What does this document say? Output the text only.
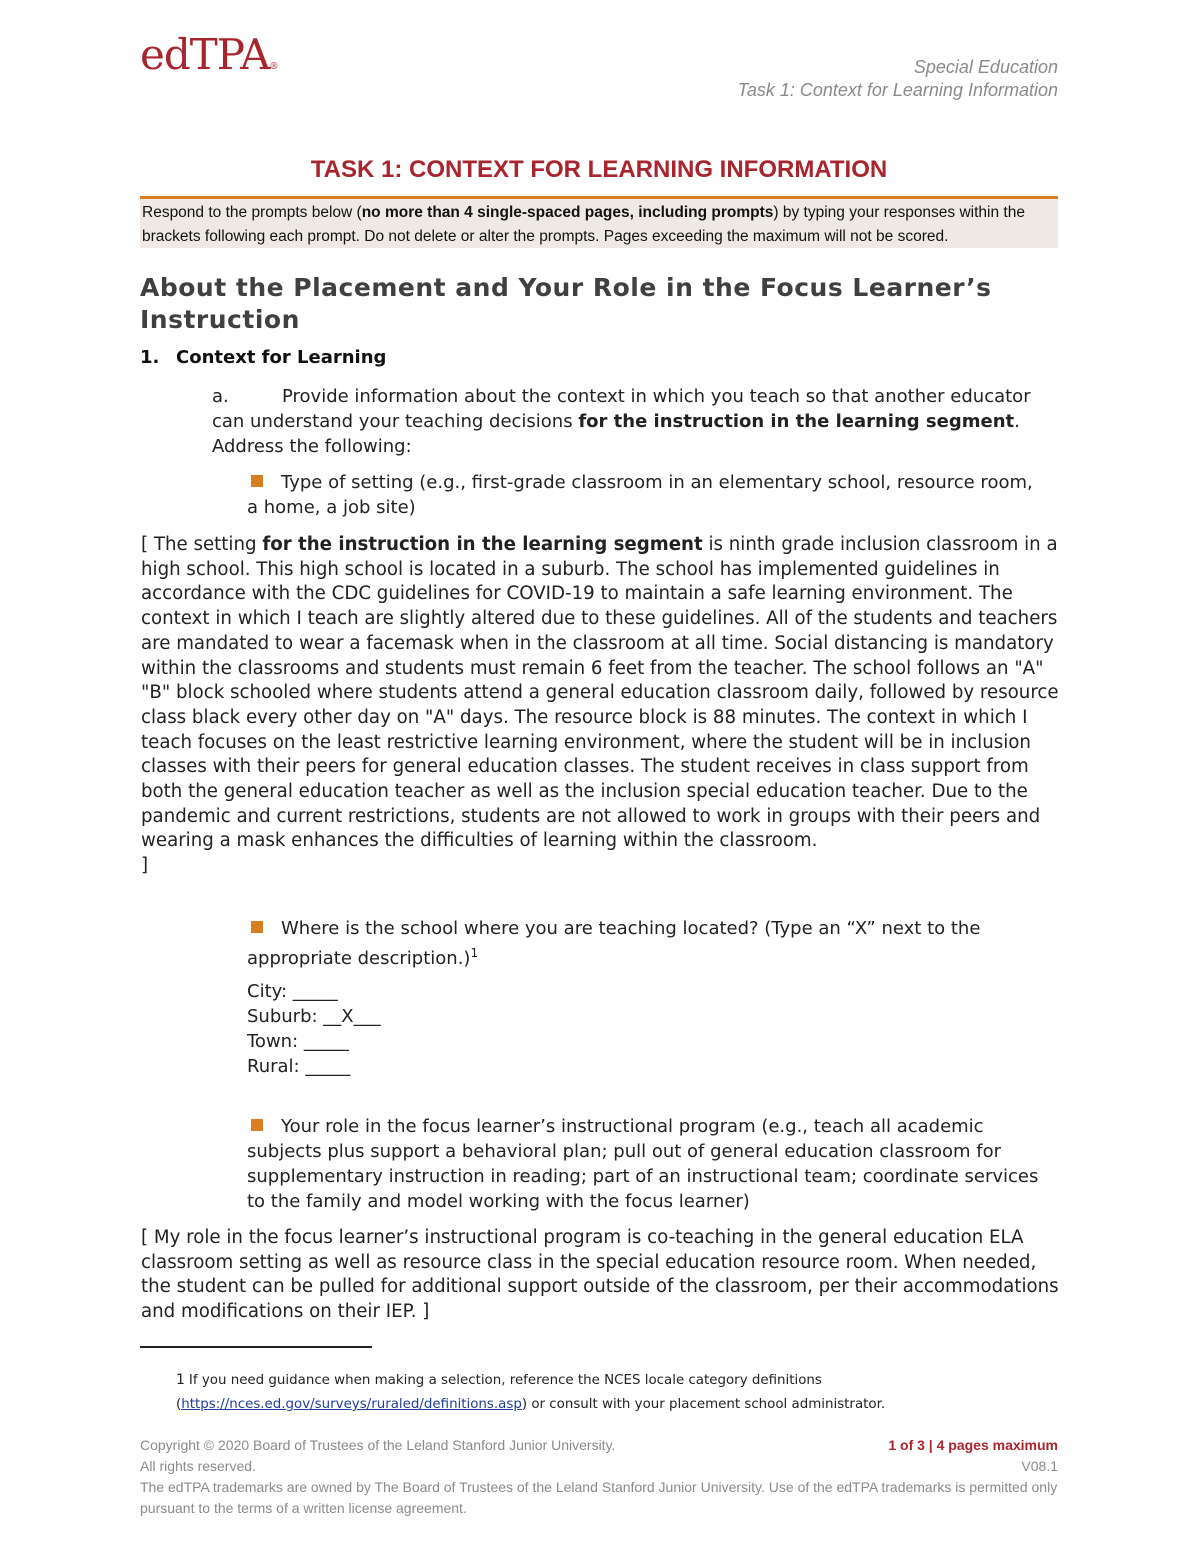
edTPA®	Special Education
Task 1: Context for Learning Information
TASK 1: CONTEXT FOR LEARNING INFORMATION
Respond to the prompts below (no more than 4 single-spaced pages, including prompts) by typing your responses within the brackets following each prompt. Do not delete or alter the prompts. Pages exceeding the maximum will not be scored.
About the Placement and Your Role in the Focus Learner’s Instruction
1. Context for Learning
a.	Provide information about the context in which you teach so that another educator can understand your teaching decisions for the instruction in the learning segment. Address the following:
Type of setting (e.g., first-grade classroom in an elementary school, resource room, a home, a job site)
[ The setting for the instruction in the learning segment is ninth grade inclusion classroom in a high school. This high school is located in a suburb. The school has implemented guidelines in accordance with the CDC guidelines for COVID-19 to maintain a safe learning environment. The context in which I teach are slightly altered due to these guidelines. All of the students and teachers are mandated to wear a facemask when in the classroom at all time. Social distancing is mandatory within the classrooms and students must remain 6 feet from the teacher. The school follows an "A" "B" block schooled where students attend a general education classroom daily, followed by resource class black every other day on "A" days. The resource block is 88 minutes. The context in which I teach focuses on the least restrictive learning environment, where the student will be in inclusion classes with their peers for general education classes. The student receives in class support from both the general education teacher as well as the inclusion special education teacher. Due to the pandemic and current restrictions, students are not allowed to work in groups with their peers and wearing a mask enhances the difficulties of learning within the classroom.
]
Where is the school where you are teaching located? (Type an “X” next to the appropriate description.)$^1$
City: _____
Suburb: __X___
Town: _____
Rural: _____
Your role in the focus learner’s instructional program (e.g., teach all academic subjects plus support a behavioral plan; pull out of general education classroom for supplementary instruction in reading; part of an instructional team; coordinate services to the family and model working with the focus learner)
[ My role in the focus learner’s instructional program is co-teaching in the general education ELA classroom setting as well as resource class in the special education resource room. When needed, the student can be pulled for additional support outside of the classroom, per their accommodations and modifications on their IEP. ]
1 If you need guidance when making a selection, reference the NCES locale category definitions (https://nces.ed.gov/surveys/ruraled/definitions.asp) or consult with your placement school administrator.
Copyright © 2020 Board of Trustees of the Leland Stanford Junior University.	1 of 3 | 4 pages maximum
All rights reserved.	V08.1
The edTPA trademarks are owned by The Board of Trustees of the Leland Stanford Junior University. Use of the edTPA trademarks is permitted only pursuant to the terms of a written license agreement.
